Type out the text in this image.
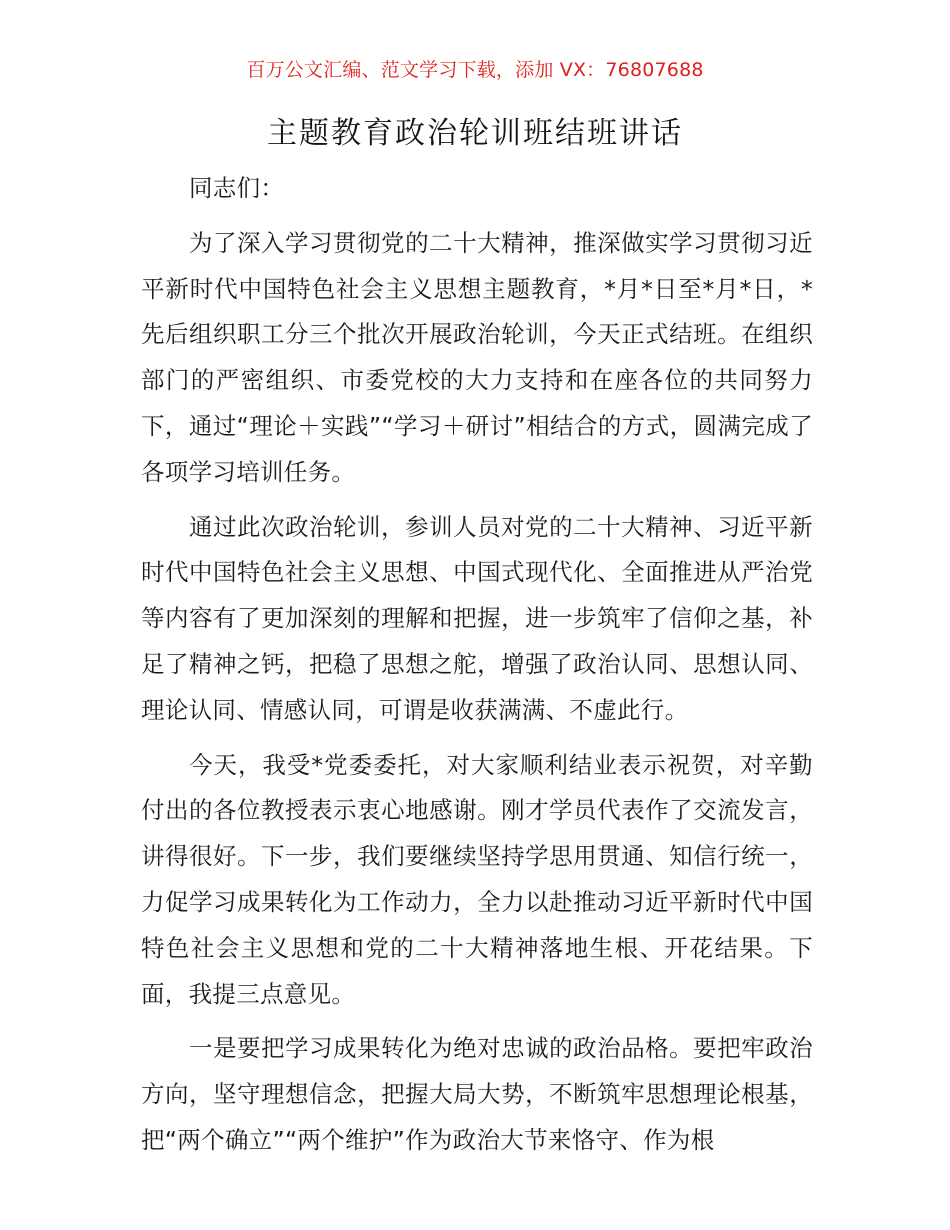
百万公文汇编、范文学习下载，添加 VX：76807688
主题教育政治轮训班结班讲话

同志们：

为了深入学习贯彻党的二十大精神，推深做实学习贯彻习近平新时代中国特色社会主义思想主题教育，*月*日至*月*日，*先后组织职工分三个批次开展政治轮训，今天正式结班。在组织部门的严密组织、市委党校的大力支持和在座各位的共同努力下，通过“理论＋实践”“学习＋研讨”相结合的方式，圆满完成了各项学习培训任务。

通过此次政治轮训，参训人员对党的二十大精神、习近平新时代中国特色社会主义思想、中国式现代化、全面推进从严治党等内容有了更加深刻的理解和把握，进一步筑牢了信仰之基，补足了精神之钙，把稳了思想之舵，增强了政治认同、思想认同、理论认同、情感认同，可谓是收获满满、不虚此行。

今天，我受*党委委托，对大家顺利结业表示祝贺，对辛勤付出的各位教授表示衷心地感谢。刚才学员代表作了交流发言，讲得很好。下一步，我们要继续坚持学思用贯通、知信行统一，力促学习成果转化为工作动力，全力以赴推动习近平新时代中国特色社会主义思想和党的二十大精神落地生根、开花结果。下面，我提三点意见。

一是要把学习成果转化为绝对忠诚的政治品格。要把牢政治方向，坚守理想信念，把握大局大势，不断筑牢思想理论根基，把“两个确立”“两个维护”作为政治大节来恪守、作为根
